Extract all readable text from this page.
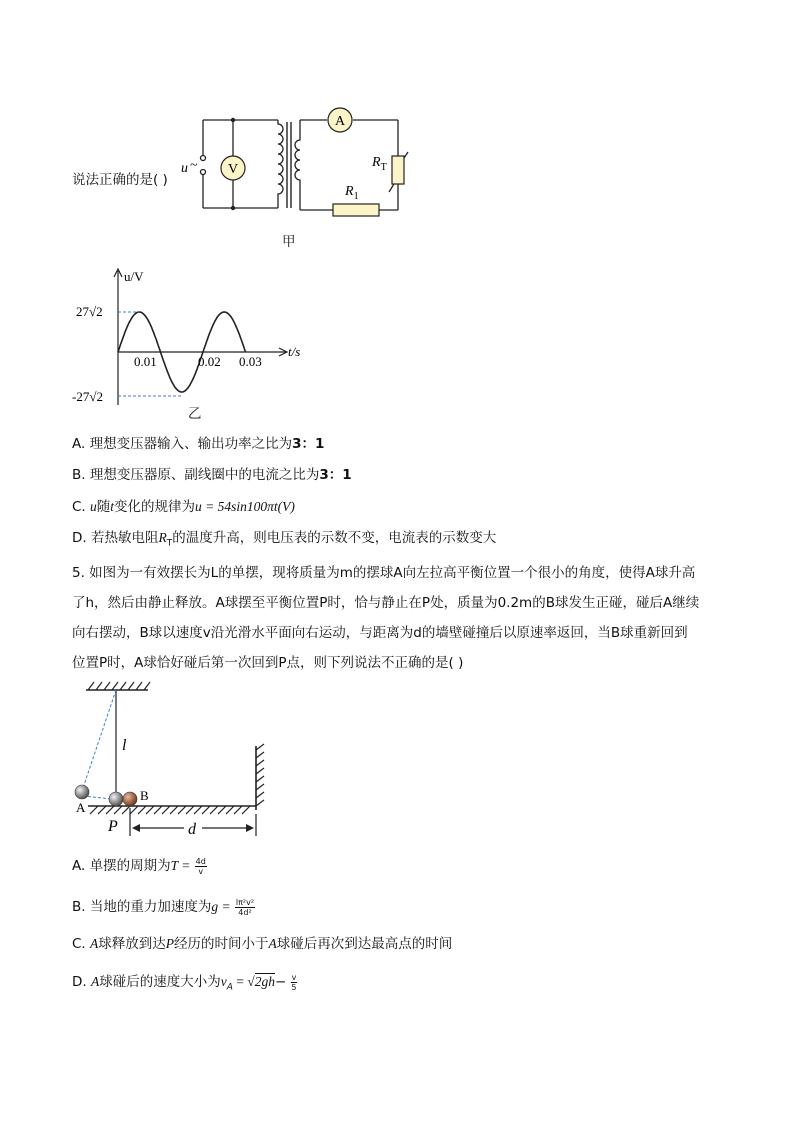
说法正确的是( )
V
A
$R_T$
$R_1$
u ~
甲
u/V
t/s
27√2
-27√2
0.01	0.02 0.03
乙
A. 理想变压器输入、输出功率之比为3：1
B. 理想变压器原、副线圈中的电流之比为3：1
C. u随t变化的规律为u = 54sin100πt(V)
D. 若热敏电阻$R_T$的温度升高，则电压表的示数不变，电流表的示数变大
5. 如图为一有效摆长为L的单摆，现将质量为m的摆球A向左拉高平衡位置一个很小的角度，使得A球升高
了h，然后由静止释放。A球摆至平衡位置P时，恰与静止在P处，质量为0.2m的B球发生正碰，碰后A继续
向右摆动，B球以速度v沿光滑水平面向右运动，与距离为d的墙壁碰撞后以原速率返回，当B球重新回到
位置P时，A球恰好碰后第一次回到P点，则下列说法不正确的是( )
l
A
B
P	d
A. 单摆的周期为$T = \frac{4d}{v}$
B. 当地的重力加速度为$g = \frac{\text{lπ²v²}}{\text{4d²}}$
C. A球释放到达P经历的时间小于A球碰后再次到达最高点的时间
D. A球碰后的速度大小为$v_A = √2gh- \frac{v}{5}$
